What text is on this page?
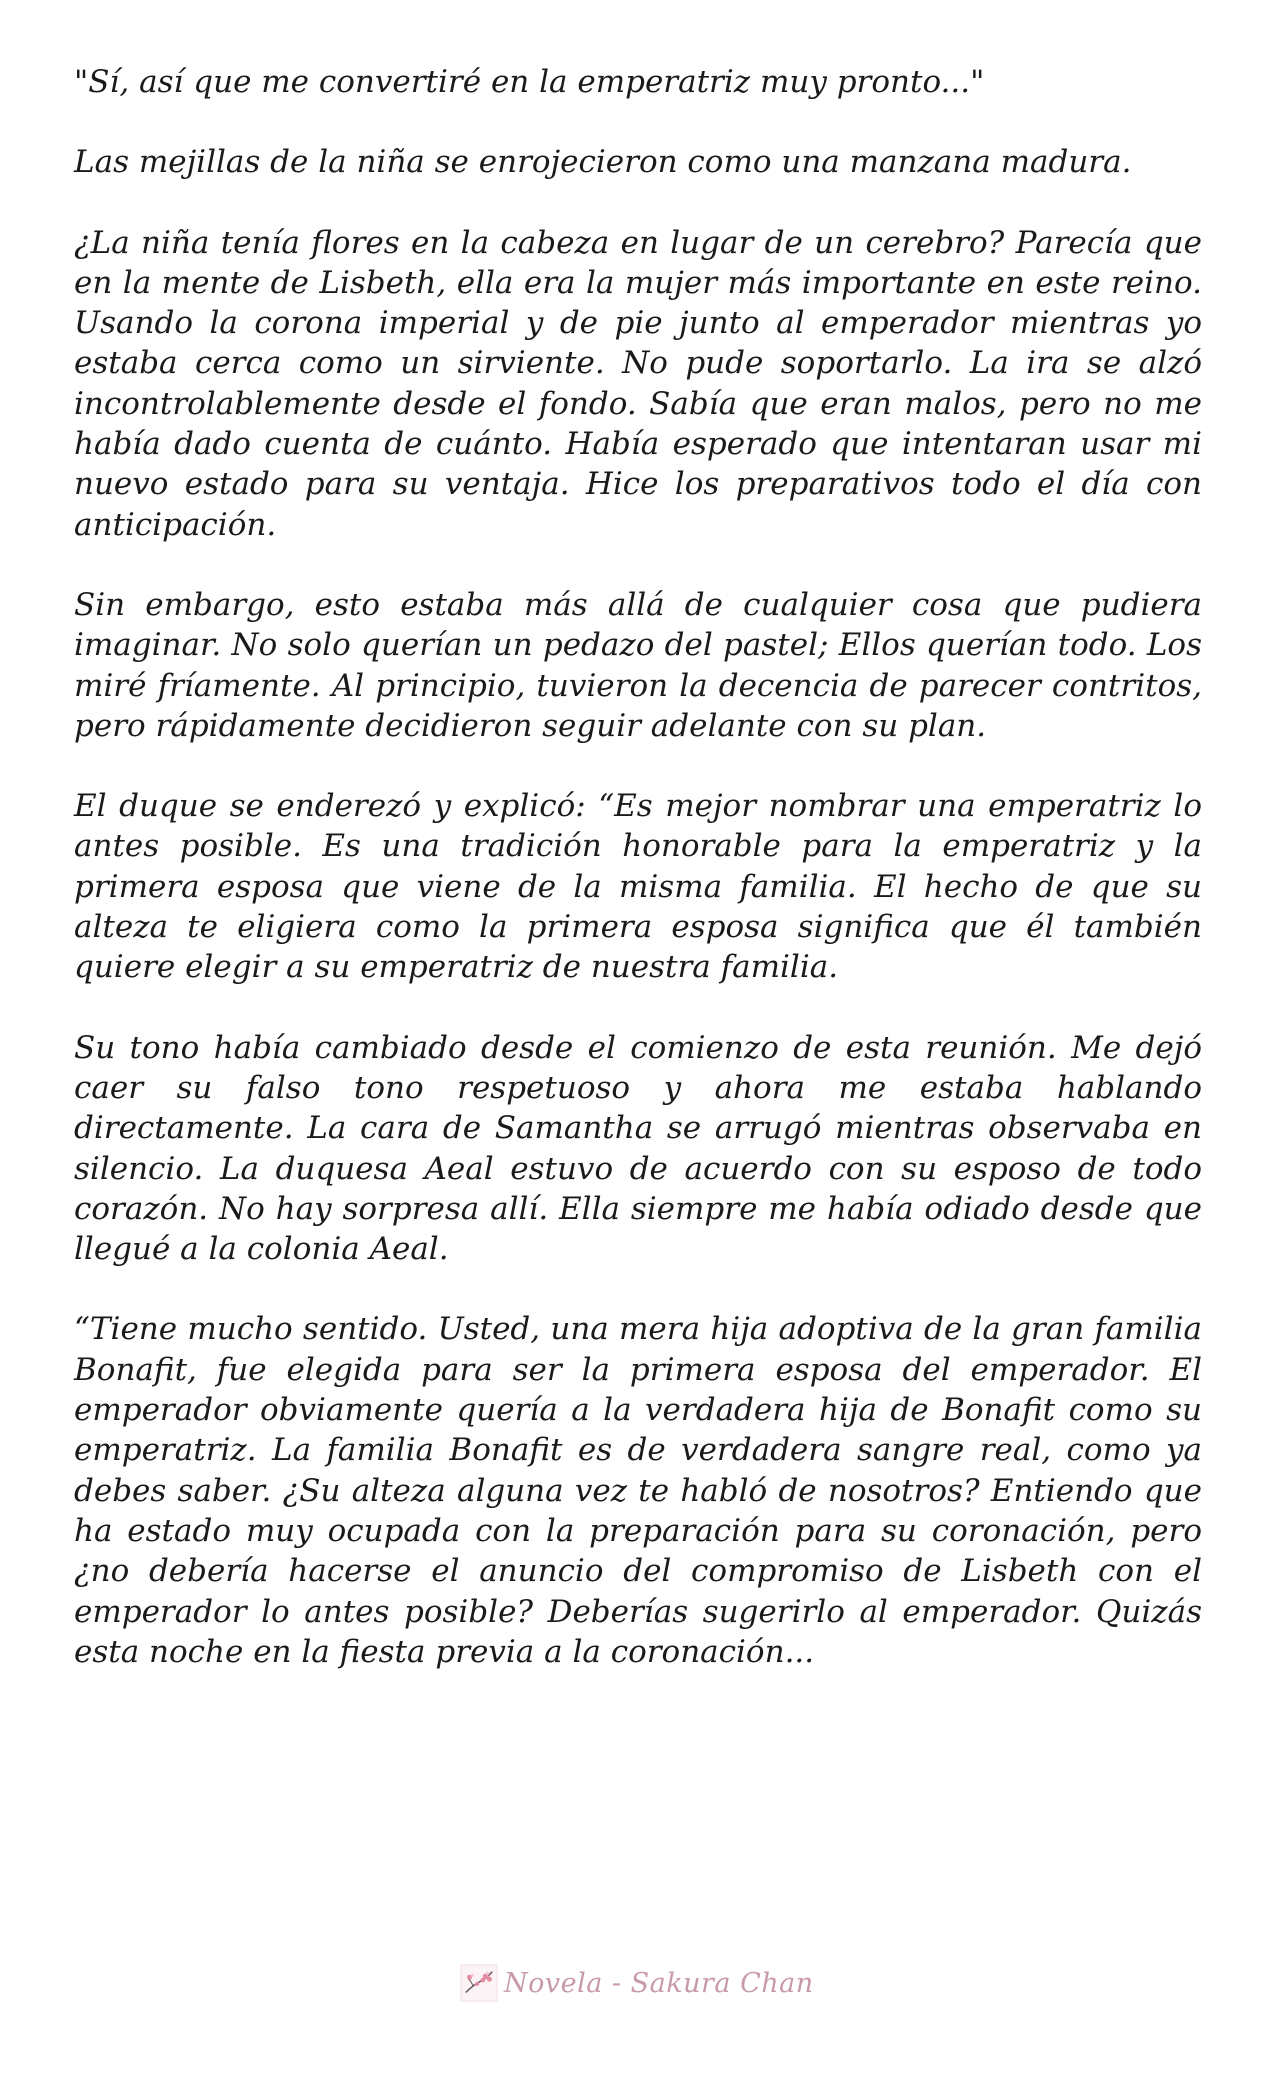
"Sí, así que me convertiré en la emperatriz muy pronto..."

Las mejillas de la niña se enrojecieron como una manzana madura.

¿La niña tenía flores en la cabeza en lugar de un cerebro? Parecía que en la mente de Lisbeth, ella era la mujer más importante en este reino. Usando la corona imperial y de pie junto al emperador mientras yo estaba cerca como un sirviente. No pude soportarlo. La ira se alzó incontrolablemente desde el fondo. Sabía que eran malos, pero no me había dado cuenta de cuánto. Había esperado que intentaran usar mi nuevo estado para su ventaja. Hice los preparativos todo el día con anticipación.

Sin embargo, esto estaba más allá de cualquier cosa que pudiera imaginar. No solo querían un pedazo del pastel; Ellos querían todo. Los miré fríamente. Al principio, tuvieron la decencia de parecer contritos, pero rápidamente decidieron seguir adelante con su plan.

El duque se enderezó y explicó: “Es mejor nombrar una emperatriz lo antes posible. Es una tradición honorable para la emperatriz y la primera esposa que viene de la misma familia. El hecho de que su alteza te eligiera como la primera esposa significa que él también quiere elegir a su emperatriz de nuestra familia.

Su tono había cambiado desde el comienzo de esta reunión. Me dejó caer su falso tono respetuoso y ahora me estaba hablando directamente. La cara de Samantha se arrugó mientras observaba en silencio. La duquesa Aeal estuvo de acuerdo con su esposo de todo corazón. No hay sorpresa allí. Ella siempre me había odiado desde que llegué a la colonia Aeal.

“Tiene mucho sentido. Usted, una mera hija adoptiva de la gran familia Bonafit, fue elegida para ser la primera esposa del emperador. El emperador obviamente quería a la verdadera hija de Bonafit como su emperatriz. La familia Bonafit es de verdadera sangre real, como ya debes saber. ¿Su alteza alguna vez te habló de nosotros? Entiendo que ha estado muy ocupada con la preparación para su coronación, pero ¿no debería hacerse el anuncio del compromiso de Lisbeth con el emperador lo antes posible? Deberías sugerirlo al emperador. Quizás esta noche en la fiesta previa a la coronación...

Novela - Sakura Chan
